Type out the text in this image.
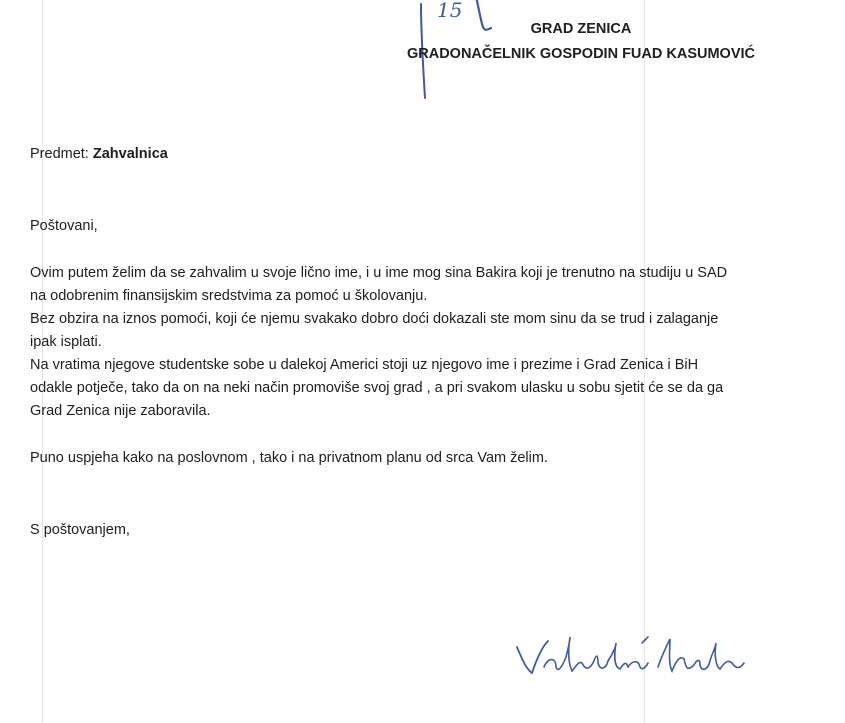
15
GRAD ZENICA
GRADONAČELNIK GOSPODIN FUAD KASUMOVIĆ
Predmet: Zahvalnica
Poštovani,
Ovim putem želim da se zahvalim u svoje lično ime, i u ime mog sina Bakira koji je trenutno na studiju u SAD
na odobrenim finansijskim sredstvima za pomoć u školovanju.
Bez obzira na iznos pomoći, koji će njemu svakako dobro doći dokazali ste mom sinu da se trud i zalaganje
ipak isplati.
Na vratima njegove studentske sobe u dalekoj Americi stoji uz njegovo ime i prezime i Grad Zenica i BiH
odakle potječe, tako da on na neki način promoviše svoj grad , a pri svakom ulasku u sobu sjetit će se da ga
Grad Zenica nije zaboravila.
Puno uspjeha kako na poslovnom , tako i na privatnom planu od srca Vam želim.
S poštovanjem,
